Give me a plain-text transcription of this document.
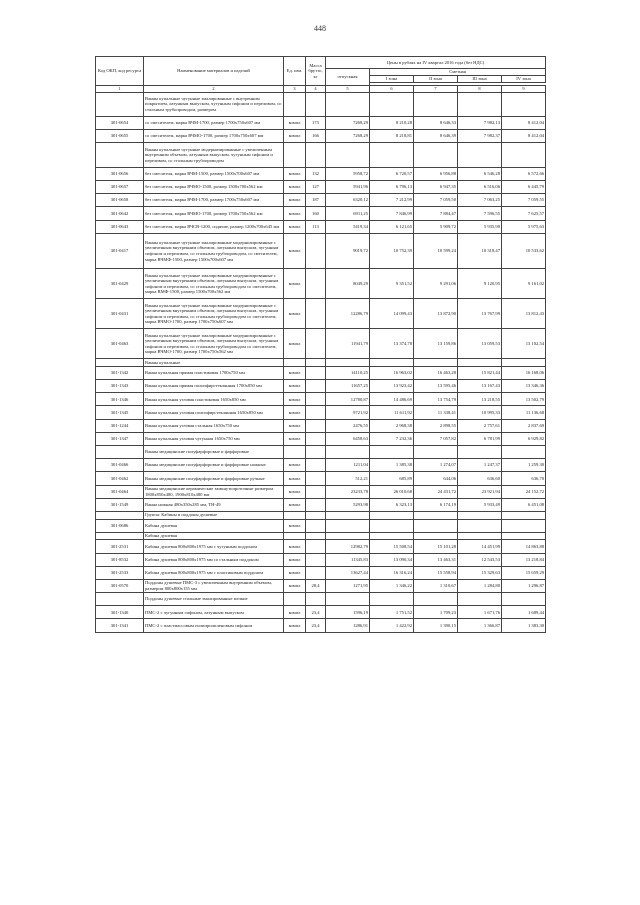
448
Код ОКП, код ресурса	Наименование материалов и изделий	Ед. изм.	Масса брутто, кг	Цены в рублях на IV квартал 2016 года (без НДС)				
				отпускная	Сметная			
					I зона	II зона	III зона	IV зона

1	2	3	4	5	6	7	8	9
	Ванны купальные чугунные эмалированные с внутренним покрытием, латунным выпуском, чугунным сифоном и переливом, со стальным трубопроводом, размером							
301-0654	со смесителем, марка ВЧМ-1700, размер 1700х750х607 мм	компл	173	7268,29	8 210,28	8 646,33	7 982,13	8 412,04
301-0655	со смесителем, марка ВЧМО-1700, размер 1700х750х607 мм	компл	166	7268,29	8 218,81	8 646,39	7 982,37	8 412,04
	Ванны купальные чугунные модернизированные с увеличенным внутренним объемом, латунным выпуском, чугунным сифоном и переливом, со стальным трубопроводом							
301-0656	без смесителя, марка ВЧМ-1500, размер 1500х700х607 мм	компл	132	5958,72	6 720,57	6 956,88	6 546,28	6 572,66
301-0657	без смесителя, марка ВЧМО-1500, размер 1500х700х562 мм	компл	127	5941,96	6 796,13	6 947,35	6 516,06	6 445,79
301-0658	без смесителя, марка ВЧМ-1700, размер 1700х750х607 мм	компл	187	6320,12	7 212,99	7 059,50	7 063,25	7 059,55
301-0642	без смесителя, марка ВЧМО-1700, размер 1700х750х562 мм	компл	160	6911,25	7 846,99	7 884,47	7 596,55	7 625,57
301-0643	без смесителя, марка ВЧСВ-1200, сидячие, размер 1200х700х645 мм	компл	113	5419,34	6 121,65	5 909,72	5 935,90	5 975,63
301-0417	Ванны купальные чугунные эмалированные модернизированные с увеличенным внутренним объемом, латунным выпуском, чугунным сифоном и переливом, со стальным трубопроводом, со смесителем, марка ВЧМФ-1500, размер 1500х700х607 мм	компл		9019,72	10 752,39	10 599,24	10 318,47	10 533,62
301-0429	Ванны купальные чугунные эмалированные модернизированные с увеличенным внутренним объемом, латунным выпуском, чугунным сифоном и переливом, со стальным трубопроводом со смесителем, марка ВМФ-1500, размер 1500х700х562 мм	компл		8049,29	9 351,52	9 291,06	9 120,95	9 161,02
301-0431	Ванны купальные чугунные эмалированные модернизированные с увеличенным внутренним объемом, латунным выпуском, чугунным сифоном и переливом, со стальным трубопроводом со смесителем, марка ВЧМО-1700, размер 1700х750х607 мм	компл		12286,79	14 099,43	13 872,90	13 767,99	13 812,43
301-0463	Ванны купальные чугунные эмалированные модернизированные с увеличенным внутренним объемом, латунным выпуском, чугунным сифоном и переливом, со стальным трубопроводом со смесителем, марка ВЧМО-1700, размер 1700х750х562 мм	компл		11941,79	13 374,78	13 159,86	13 059,53	13 102,54
	Ванны купальные							
301-1342	Ванна купальная прямая пластиковая 1700х750 мм	компл		14110,25	16 963,02	16 463,28	15 821,44	16 168,06
301-1343	Ванна купальная прямая полиэфирстеклянная 1700х850 мм	компл		11657,25	13 923,42	13 595,46	13 167,43	13 346,36
301-1346	Ванна купальная угловая пластиковая 1650х850 мм	компл		12780,87	14 486,69	13 754,79	13 218,55	13 502,79
301-1345	Ванна купальная угловая полиэфирстеклянная 1650х850 мм	компл		9721,92	11 611,92	11 338,41	10 995,33	11 136,68
301-1244	Ванна купальная угловая стальная 1650х750 мм	компл		2476,55	2 968,38	2 898,55	2 757,61	2 837,69
301-1347	Ванна купальная угловая чугунная 1650х750 мм	компл		6458,63	7 232,36	7 057,82	6 781,99	6 929,82
	Ванны медицинские полуфарфоровые и фарфоровые							
301-0466	Ванны медицинские полуфарфоровые и фарфоровые ножные	компл		1211,04	1 385,38	1 274,07	1 247,37	1 259,30
301-0462	Ванны медицинские полуфарфоровые и фарфоровые ручные	компл		512,21	685,89	644,06	636,60	636,70
301-0464	Ванны медицинские керамические замкнутопроточные размером 1800х850х480, 1900х810х480 мм	компл		23233,78	26 010,68	24 431,72	23 921,94	24 152,72
301-1549	Ванна ножная 480х350х285 мм, ТН-49	компл		5293,98	6 323,13	6 174,19	5 933,49	6 451,08
	Группа: Кабины и поддоны душевые							
301-0686	Кабина душевая	компл						
	Кабина душевая							
301-2531	Кабина душевая 800х800х1975 мм с чугунным поддоном	компл		12982,79	15 508,54	15 101,28	14 451,99	14 863,88
301-8532	Кабина душевая 800х800х1975 мм со стальным поддоном	компл		11345,83	13 090,34	13 463,31	12 543,53	13 218,84
301-2533	Кабина душевая 800х800х1975 мм с пластиковым поддоном	компл		13627,44	16 316,24	15 558,94	15 329,63	15 659,29
301-0570	Поддоны душевые ПМС-3 с увеличенным внутренним объемом, размером 800х800х155 мм	компл	28,4	1271,95	1 346,22	1 310,67	1 284,80	1 296,87
	Поддоны душевые стальные эмалированные мелкие							
301-1340	ПМС-2 с чугунным сифоном, латунным выпуском	компл	23,4	1596,19	1 751,52	1 709,23	1 671,76	1 689,44
301-1341	ПМС-2 с пластмассовым полипропиленовым сифоном	компл	23,4	1286,91	1 422,92	1 390,15	1 366,87	1 383,30
